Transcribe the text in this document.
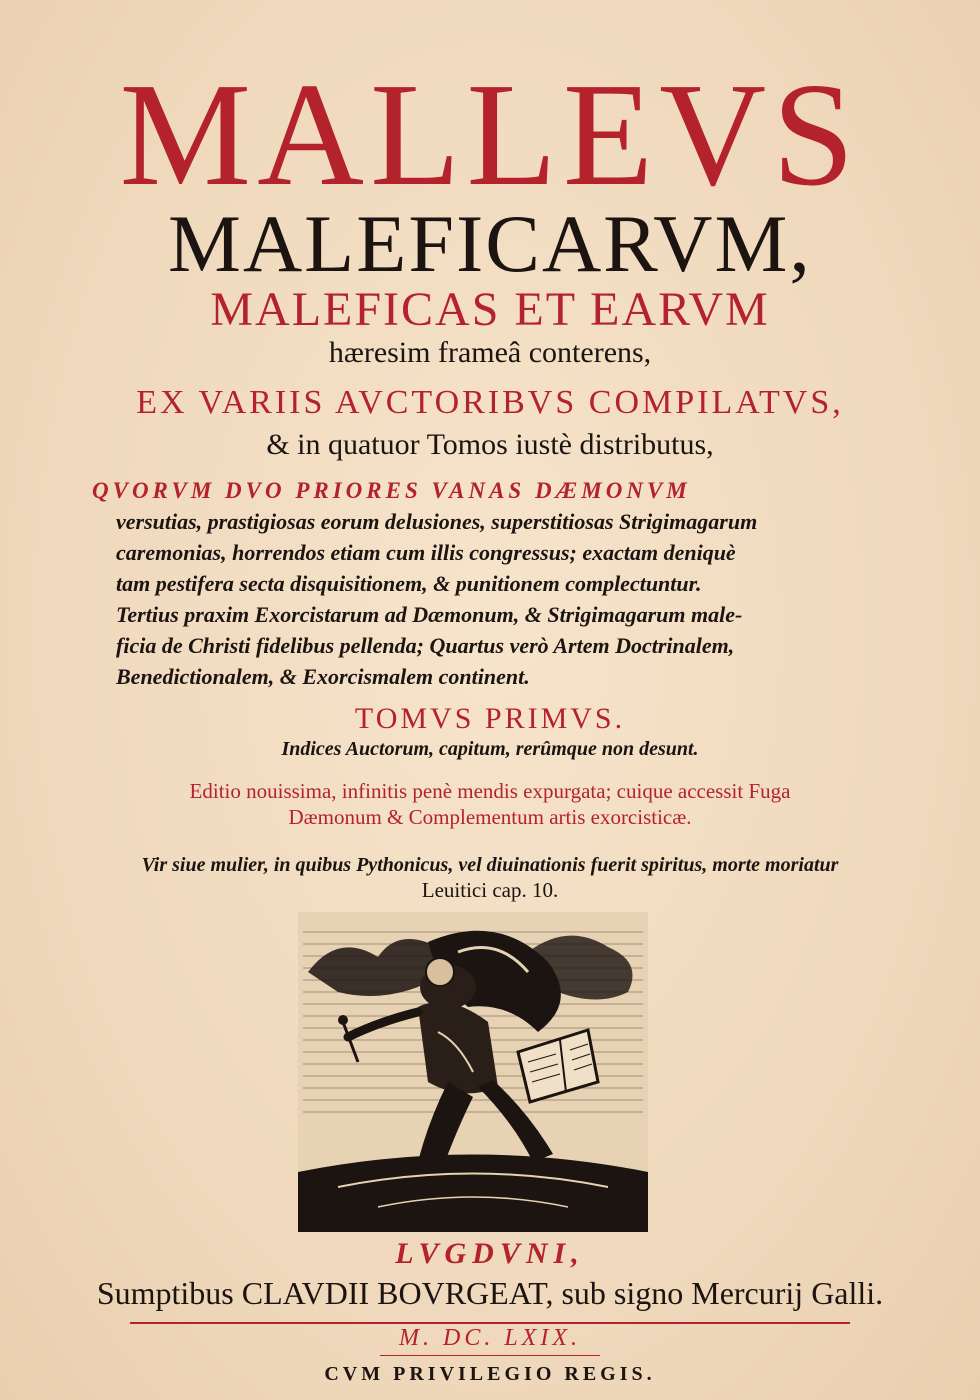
MALLEVS
MALEFICARVM,
MALEFICAS ET EARVM
hæresim frameâ conterens,
EX VARIIS AVCTORIBVS COMPILATVS,
& in quatuor Tomos iustè distributus,
QVORVM DVO PRIORES VANAS DÆMONVM
versutias, prastigiosas eorum delusiones, superstitiosas Strigimagarum
caremonias, horrendos etiam cum illis congressus; exactam deniquè
tam pestifera secta disquisitionem, & punitionem complectuntur.
Tertius praxim Exorcistarum ad Dæmonum, & Strigimagarum male-
ficia de Christi fidelibus pellenda; Quartus verò Artem Doctrinalem,
Benedictionalem, & Exorcismalem continent.
TOMVS PRIMVS.
Indices Auctorum, capitum, rerûmque non desunt.
Editio nouissima, infinitis penè mendis expurgata; cuique accessit Fuga
Dæmonum & Complementum artis exorcisticæ.
Vir siue mulier, in quibus Pythonicus, vel diuinationis fuerit spiritus, morte moriatur
Leuitici cap. 10.
LVGDVNI,
Sumptibus CLAVDII BOVRGEAT, sub signo Mercurij Galli.
M. DC. LXIX.
CVM PRIVILEGIO REGIS.
